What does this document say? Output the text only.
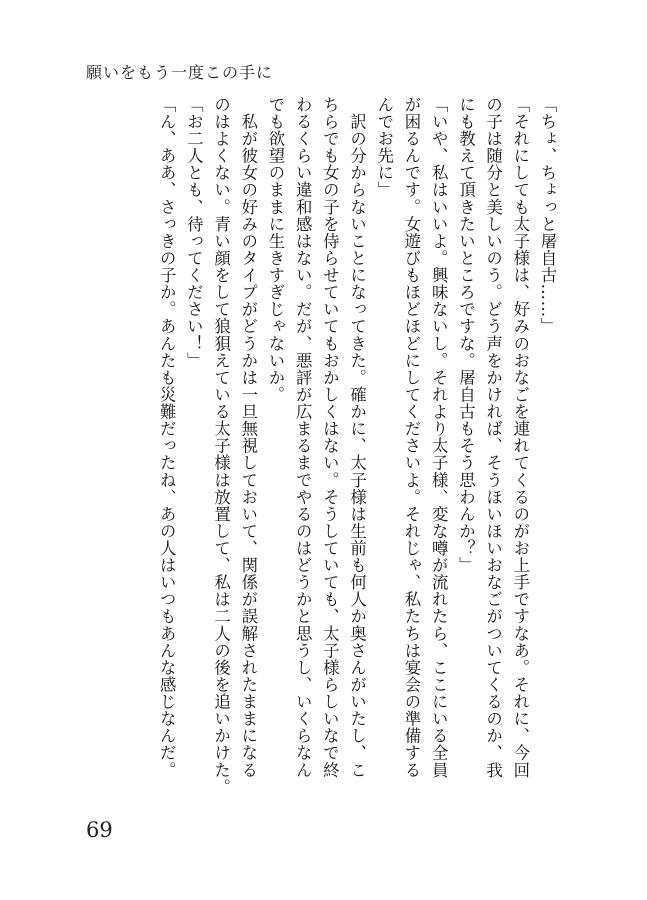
願いをもう一度この手に
「ちょ、ちょっと屠自古……」
「それにしても太子様は、好みのおなごを連れてくるのがお上手ですなあ。それに、今回
の子は随分と美しいのう。どう声をかければ、そうほいほいおなごがついてくるのか、我
にも教えて頂きたいところですな。屠自古もそう思わんか？」
「いや、私はいいよ。興味ないし。それより太子様、変な噂が流れたら、ここにいる全員
が困るんです。女遊びもほどほどにしてくださいよ。それじゃ、私たちは宴会の準備する
んでお先に」
　訳の分からないことになってきた。確かに、太子様は生前も何人か奥さんがいたし、こ
ちらでも女の子を侍らせていてもおかしくはない。そうしていても、太子様らしいなで終
わるくらい違和感はない。だが、悪評が広まるまでやるのはどうかと思うし、いくらなん
でも欲望のままに生きすぎじゃないか。
　私が彼女の好みのタイプがどうかは一旦無視しておいて、関係が誤解されたままになる
のはよくない。青い顔をして狼狽えている太子様は放置して、私は二人の後を追いかけた。
「お二人とも、待ってください！」
「ん、ああ、さっきの子か。あんたも災難だったね、あの人はいつもあんな感じなんだ。
69
